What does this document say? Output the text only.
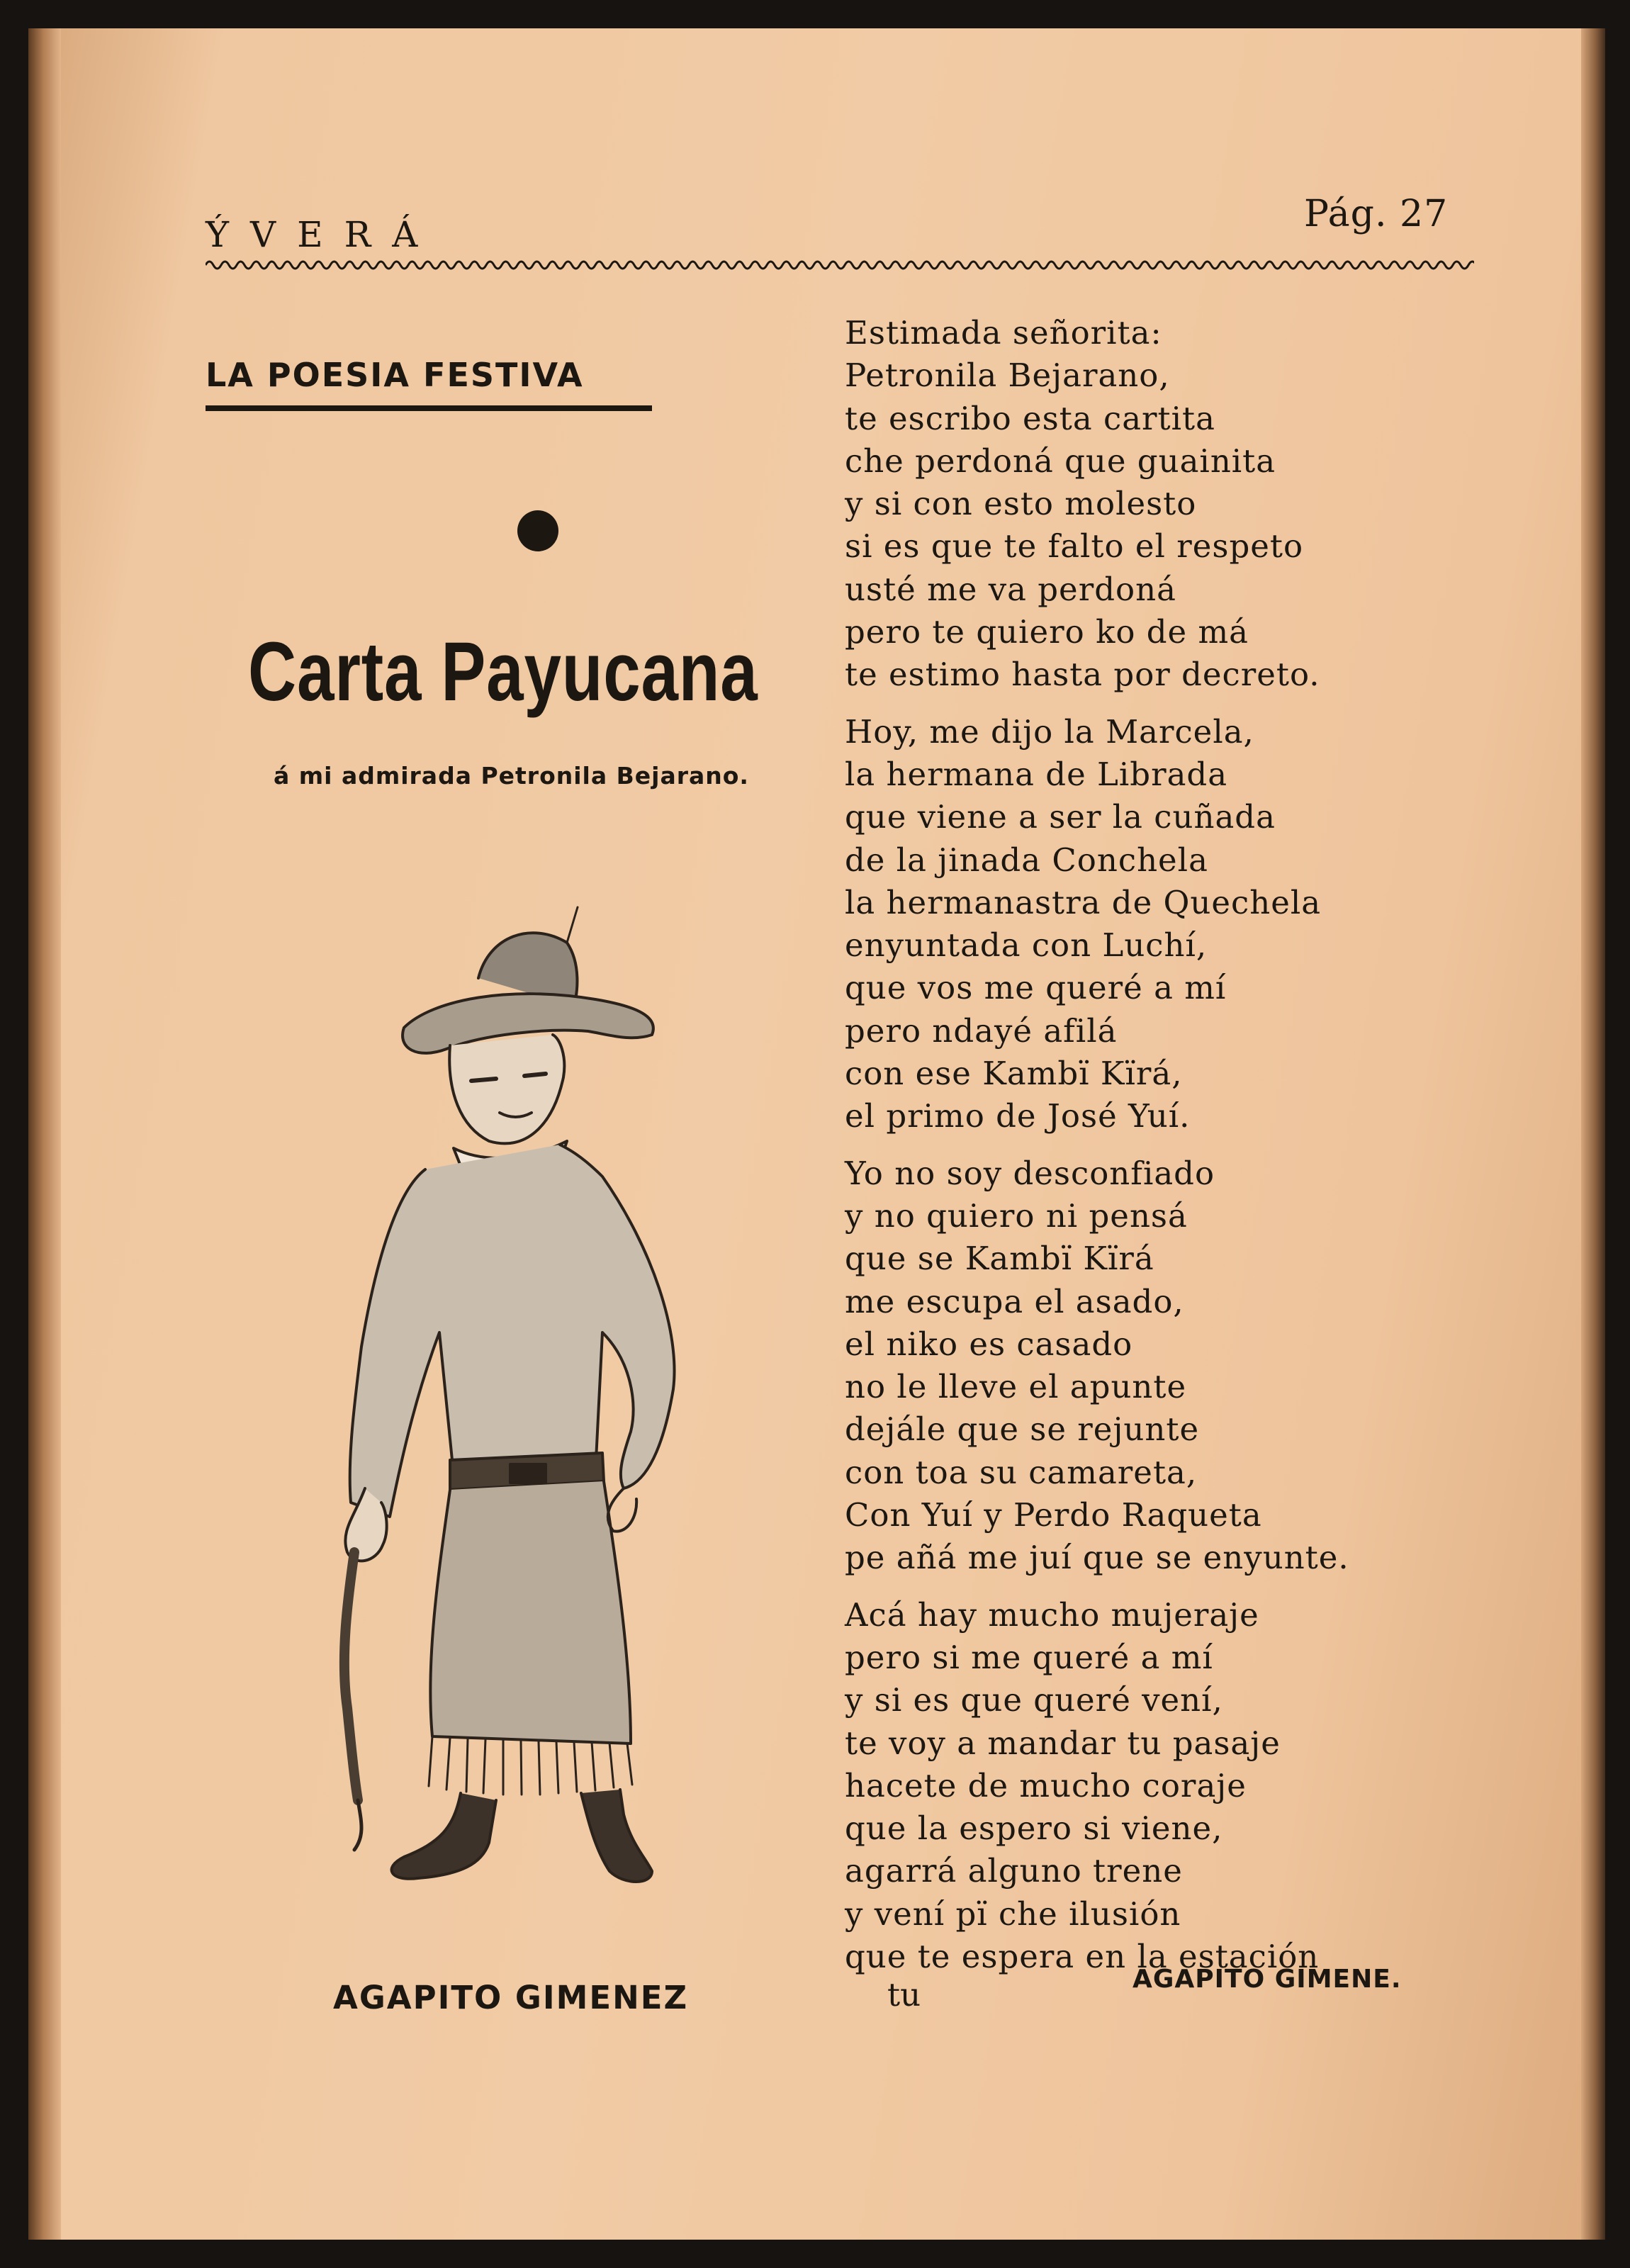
ÝVERÁ	Pág. 27
LA POESIA FESTIVA
Carta Payucana
á mi admirada Petronila Bejarano.
AGAPITO GIMENEZ
Estimada señorita:
Petronila Bejarano,
te escribo esta cartita
che perdoná que guainita
y si con esto molesto
si es que te falto el respeto
usté me va perdoná
pero te quiero ko de má
te estimo hasta por decreto.
Hoy, me dijo la Marcela,
la hermana de Librada
que viene a ser la cuñada
de la jinada Conchela
la hermanastra de Quechela
enyuntada con Luchí,
que vos me queré a mí
pero ndayé afilá
con ese Kambï Kïrá,
el primo de José Yuí.
Yo no soy desconfiado
y no quiero ni pensá
que se Kambï Kïrá
me escupa el asado,
el niko es casado
no le lleve el apunte
dejále que se rejunte
con toa su camareta,
Con Yuí y Perdo Raqueta
pe añá me juí que se enyunte.
Acá hay mucho mujeraje
pero si me queré a mí
y si es que queré vení,
te voy a mandar tu pasaje
hacete de mucho coraje
que la espero si viene,
agarrá alguno trene
y vení pï che ilusión
que te espera en la estación
tu	AGAPITO GIMENE.
